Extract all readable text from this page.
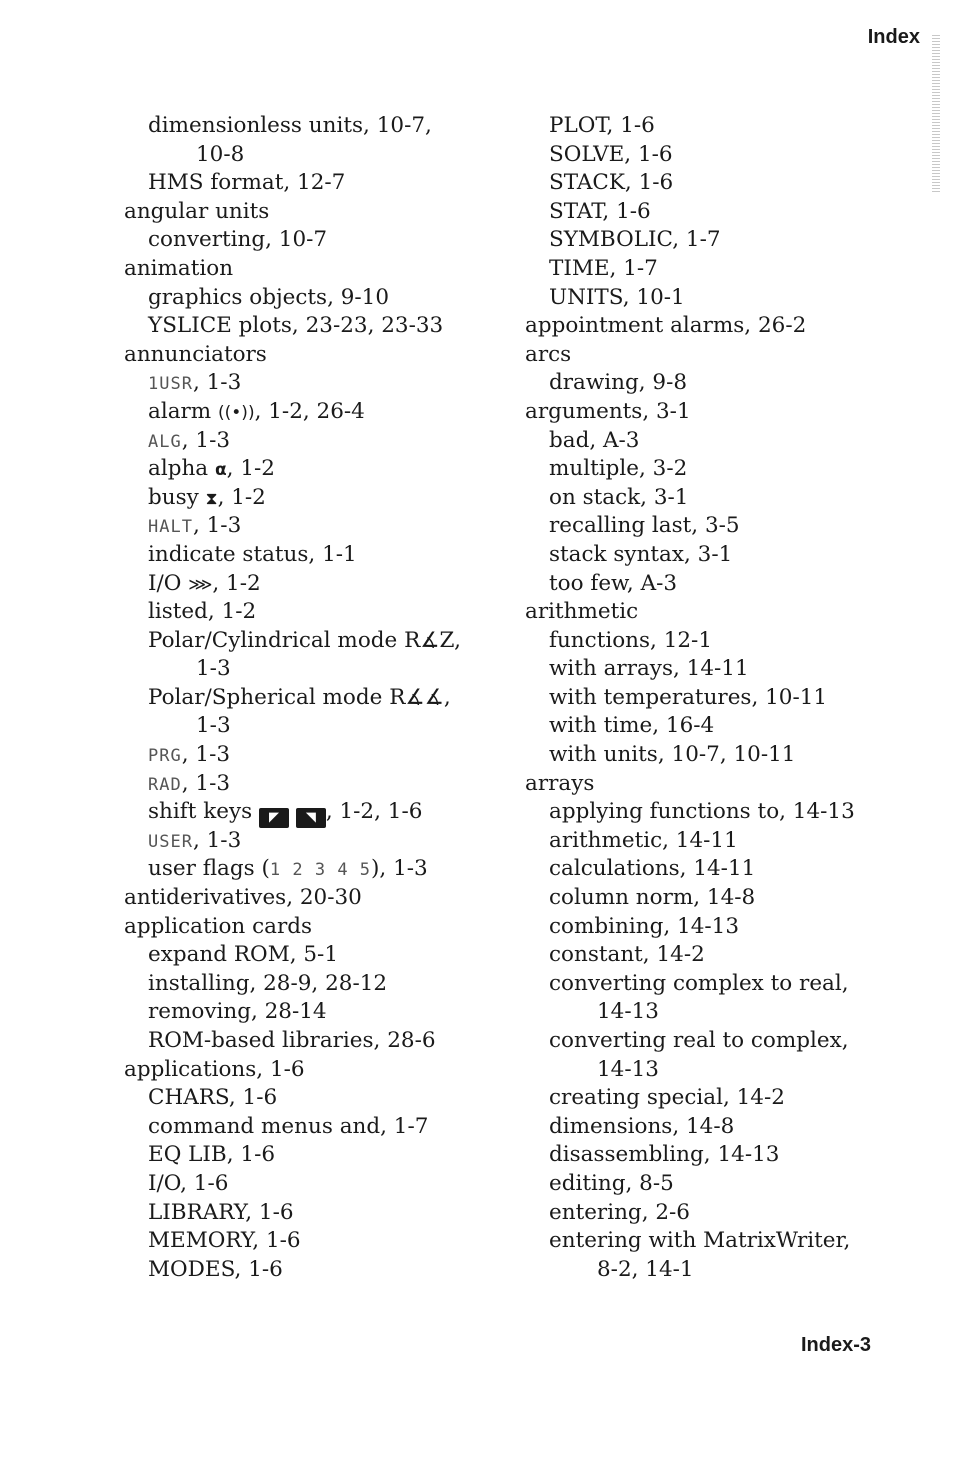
Index
dimensionless units, 10-7,
10-8
HMS format, 12-7
angular units
converting, 10-7
animation
graphics objects, 9-10
YSLICE plots, 23-23, 23-33
annunciators
1USR, 1-3
alarm ((•)), 1-2, 26-4
ALG, 1-3
alpha α, 1-2
busy ⧗, 1-2
HALT, 1-3
indicate status, 1-1
I/O ⋙, 1-2
listed, 1-2
Polar/Cylindrical mode R∡Z,
1-3
Polar/Spherical mode R∡∡,
1-3
PRG, 1-3
RAD, 1-3
shift keys ◤ ◥ , 1-2, 1-6
USER, 1-3
user flags (1 2 3 4 5), 1-3
antiderivatives, 20-30
application cards
expand ROM, 5-1
installing, 28-9, 28-12
removing, 28-14
ROM-based libraries, 28-6
applications, 1-6
CHARS, 1-6
command menus and, 1-7
EQ LIB, 1-6
I/O, 1-6
LIBRARY, 1-6
MEMORY, 1-6
MODES, 1-6
PLOT, 1-6
SOLVE, 1-6
STACK, 1-6
STAT, 1-6
SYMBOLIC, 1-7
TIME, 1-7
UNITS, 10-1
appointment alarms, 26-2
arcs
drawing, 9-8
arguments, 3-1
bad, A-3
multiple, 3-2
on stack, 3-1
recalling last, 3-5
stack syntax, 3-1
too few, A-3
arithmetic
functions, 12-1
with arrays, 14-11
with temperatures, 10-11
with time, 16-4
with units, 10-7, 10-11
arrays
applying functions to, 14-13
arithmetic, 14-11
calculations, 14-11
column norm, 14-8
combining, 14-13
constant, 14-2
converting complex to real,
14-13
converting real to complex,
14-13
creating special, 14-2
dimensions, 14-8
disassembling, 14-13
editing, 8-5
entering, 2-6
entering with MatrixWriter,
8-2, 14-1
Index-3
